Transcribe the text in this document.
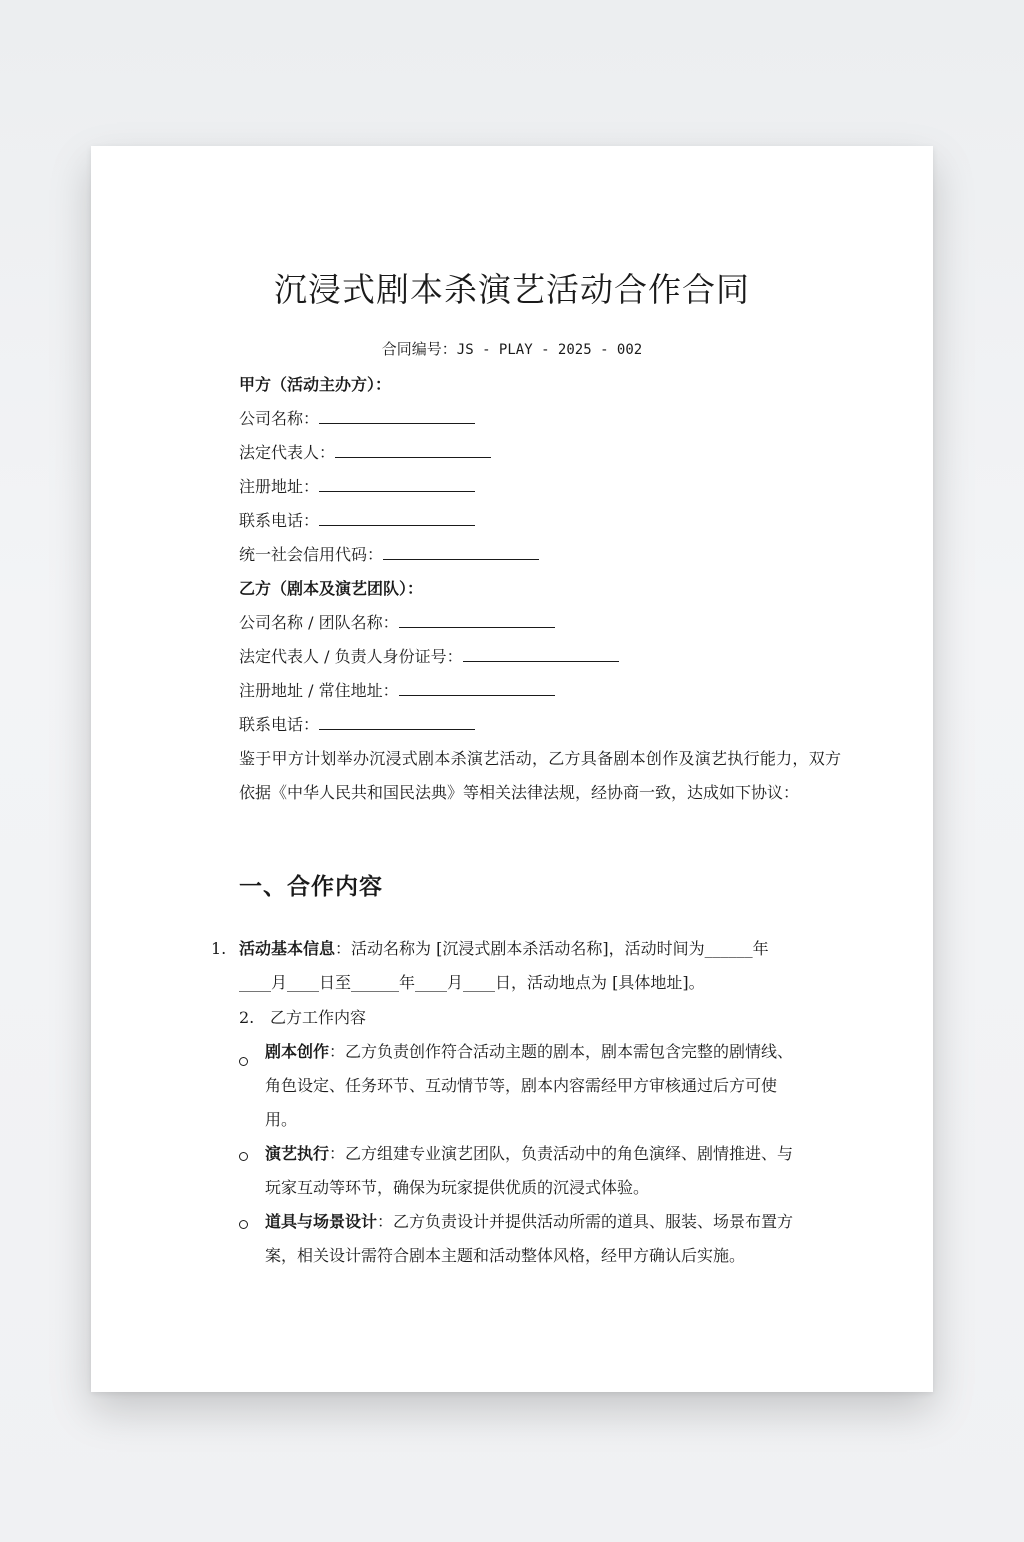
沉浸式剧本杀演艺活动合作合同
合同编号：JS - PLAY - 2025 - 002
甲方（活动主办方）：
公司名称：
法定代表人：
注册地址：
联系电话：
统一社会信用代码：
乙方（剧本及演艺团队）：
公司名称 / 团队名称：
法定代表人 / 负责人身份证号：
注册地址 / 常住地址：
联系电话：
鉴于甲方计划举办沉浸式剧本杀演艺活动，乙方具备剧本创作及演艺执行能力，双方依据《中华人民共和国民法典》等相关法律法规，经协商一致，达成如下协议：
一、合作内容
1. 活动基本信息：活动名称为 [沉浸式剧本杀活动名称]，活动时间为______年
____月____日至______年____月____日，活动地点为 [具体地址]。
2. 乙方工作内容
剧本创作：乙方负责创作符合活动主题的剧本，剧本需包含完整的剧情线、
角色设定、任务环节、互动情节等，剧本内容需经甲方审核通过后方可使
用。
演艺执行：乙方组建专业演艺团队，负责活动中的角色演绎、剧情推进、与
玩家互动等环节，确保为玩家提供优质的沉浸式体验。
道具与场景设计：乙方负责设计并提供活动所需的道具、服装、场景布置方
案，相关设计需符合剧本主题和活动整体风格，经甲方确认后实施。
